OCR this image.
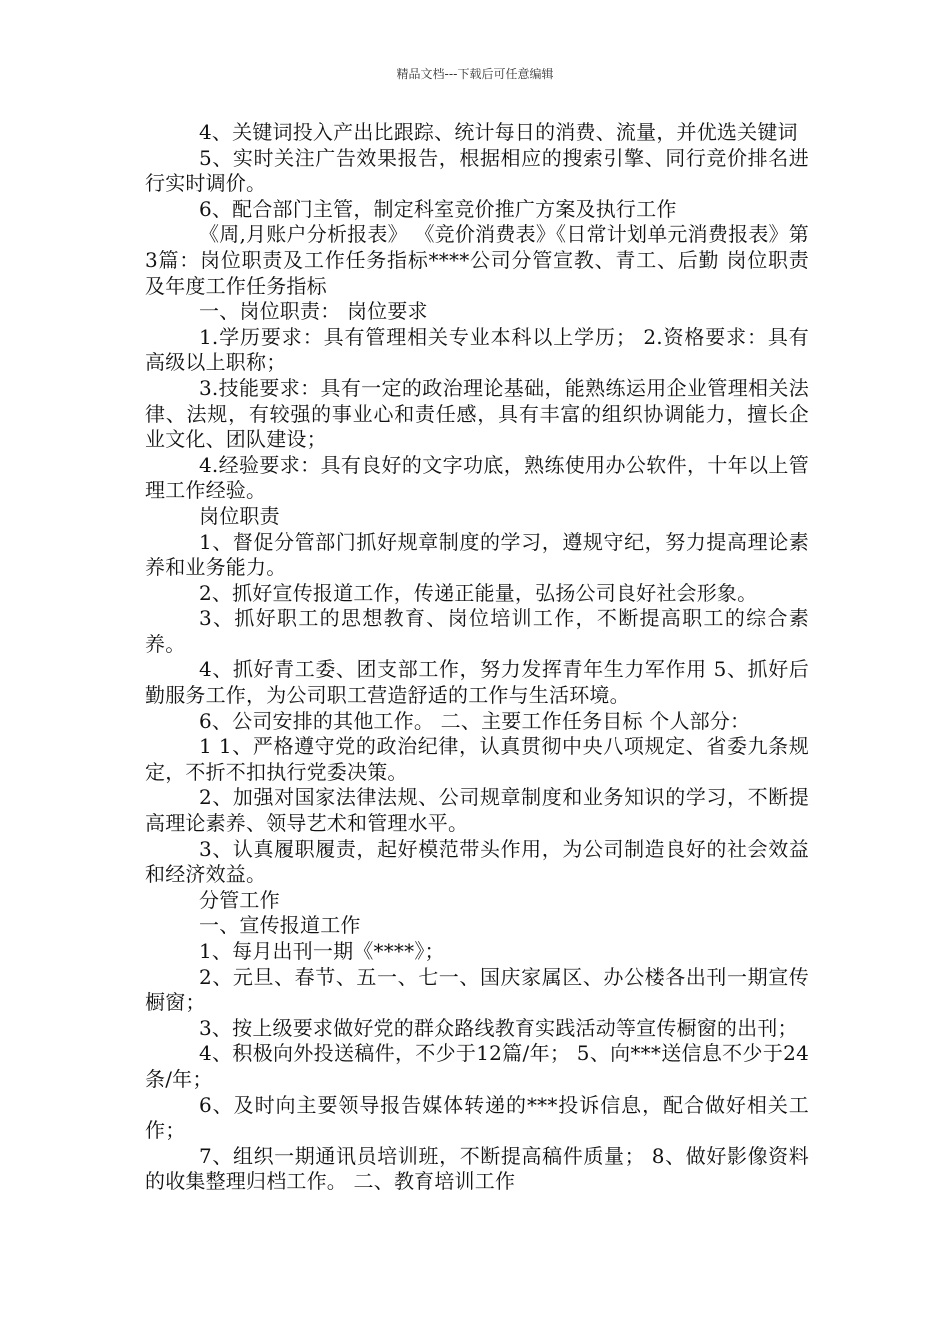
精品文档---下载后可任意编辑

4、关键词投入产出比跟踪、统计每日的消费、流量，并优选关键词

5、实时关注广告效果报告，根据相应的搜索引擎、同行竞价排名进行实时调价。

6、配合部门主管，制定科室竞价推广方案及执行工作

《周,月账户分析报表》 《竞价消费表》《日常计划单元消费报表》第3篇：岗位职责及工作任务指标****公司分管宣教、青工、后勤 岗位职责及年度工作任务指标

一、岗位职责： 岗位要求

1.学历要求：具有管理相关专业本科以上学历； 2.资格要求：具有高级以上职称；

3.技能要求：具有一定的政治理论基础，能熟练运用企业管理相关法律、法规，有较强的事业心和责任感，具有丰富的组织协调能力，擅长企业文化、团队建设；

4.经验要求：具有良好的文字功底，熟练使用办公软件，十年以上管理工作经验。

岗位职责

1、督促分管部门抓好规章制度的学习，遵规守纪，努力提高理论素养和业务能力。

2、抓好宣传报道工作，传递正能量，弘扬公司良好社会形象。

3、抓好职工的思想教育、岗位培训工作，不断提高职工的综合素养。

4、抓好青工委、团支部工作，努力发挥青年生力军作用 5、抓好后勤服务工作，为公司职工营造舒适的工作与生活环境。

6、公司安排的其他工作。 二、主要工作任务目标 个人部分：

1 1、严格遵守党的政治纪律，认真贯彻中央八项规定、省委九条规定，不折不扣执行党委决策。

2、加强对国家法律法规、公司规章制度和业务知识的学习，不断提高理论素养、领导艺术和管理水平。

3、认真履职履责，起好模范带头作用，为公司制造良好的社会效益和经济效益。

分管工作

一、宣传报道工作

1、每月出刊一期《****》；

2、元旦、春节、五一、七一、国庆家属区、办公楼各出刊一期宣传橱窗；

3、按上级要求做好党的群众路线教育实践活动等宣传橱窗的出刊；

4、积极向外投送稿件，不少于12篇/年； 5、向***送信息不少于24条/年；

6、及时向主要领导报告媒体转递的***投诉信息，配合做好相关工作；

7、组织一期通讯员培训班，不断提高稿件质量； 8、做好影像资料的收集整理归档工作。 二、教育培训工作
